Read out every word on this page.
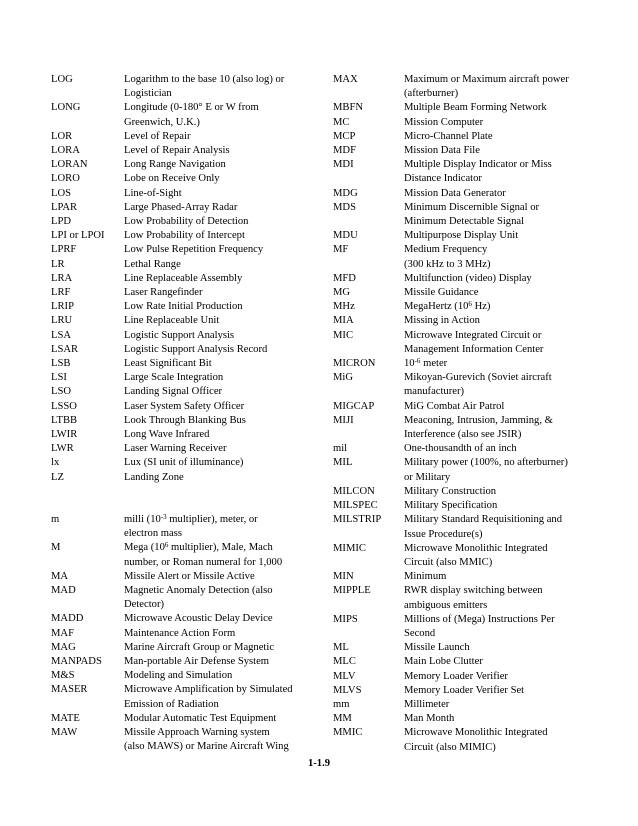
LOG	Logarithm to the base 10 (also log) or
Logistician
LONG	Longitude (0-180° E or W from
Greenwich, U.K.)
LOR	Level of Repair
LORA	Level of Repair Analysis
LORAN	Long Range Navigation
LORO	Lobe on Receive Only
LOS	Line-of-Sight
LPAR	Large Phased-Array Radar
LPD	Low Probability of Detection
LPI or LPOI	Low Probability of Intercept
LPRF	Low Pulse Repetition Frequency
LR	Lethal Range
LRA	Line Replaceable Assembly
LRF	Laser Rangefinder
LRIP	Low Rate Initial Production
LRU	Line Replaceable Unit
LSA	Logistic Support Analysis
LSAR	Logistic Support Analysis Record
LSB	Least Significant Bit
LSI	Large Scale Integration
LSO	Landing Signal Officer
LSSO	Laser System Safety Officer
LTBB	Look Through Blanking Bus
LWIR	Long Wave Infrared
LWR	Laser Warning Receiver
lx	Lux (SI unit of illuminance)
LZ	Landing Zone
m	milli ($10^{-3}$ multiplier), meter, or
electron mass
M	Mega ($10^6$ multiplier), Male, Mach
number, or Roman numeral for 1,000
MA	Missile Alert or Missile Active
MAD	Magnetic Anomaly Detection (also
Detector)
MADD	Microwave Acoustic Delay Device
MAF	Maintenance Action Form
MAG	Marine Aircraft Group or Magnetic
MANPADS	Man-portable Air Defense System
M&S	Modeling and Simulation
MASER	Microwave Amplification by Simulated
Emission of Radiation
MATE	Modular Automatic Test Equipment
MAW	Missile Approach Warning system
(also MAWS) or Marine Aircraft Wing
MAX	Maximum or Maximum aircraft power
(afterburner)
MBFN	Multiple Beam Forming Network
MC	Mission Computer
MCP	Micro-Channel Plate
MDF	Mission Data File
MDI	Multiple Display Indicator or Miss
Distance Indicator
MDG	Mission Data Generator
MDS	Minimum Discernible Signal or
Minimum Detectable Signal
MDU	Multipurpose Display Unit
MF	Medium Frequency
(300 kHz to 3 MHz)
MFD	Multifunction (video) Display
MG	Missile Guidance
MHz	MegaHertz ($10^6$ Hz)
MIA	Missing in Action
MIC	Microwave Integrated Circuit or
Management Information Center
MICRON	$10^{-6}$ meter
MiG	Mikoyan-Gurevich (Soviet aircraft
manufacturer)
MIGCAP	MiG Combat Air Patrol
MIJI	Meaconing, Intrusion, Jamming, &
Interference (also see JSIR)
mil	One-thousandth of an inch
MIL	Military power (100%, no afterburner)
or Military
MILCON	Military Construction
MILSPEC	Military Specification
MILSTRIP	Military Standard Requisitioning and
Issue Procedure(s)
MIMIC	Microwave Monolithic Integrated
Circuit (also MMIC)
MIN	Minimum
MIPPLE	RWR display switching between
ambiguous emitters
MIPS	Millions of (Mega) Instructions Per
Second
ML	Missile Launch
MLC	Main Lobe Clutter
MLV	Memory Loader Verifier
MLVS	Memory Loader Verifier Set
mm	Millimeter
MM	Man Month
MMIC	Microwave Monolithic Integrated
Circuit (also MIMIC)
1-1.9
